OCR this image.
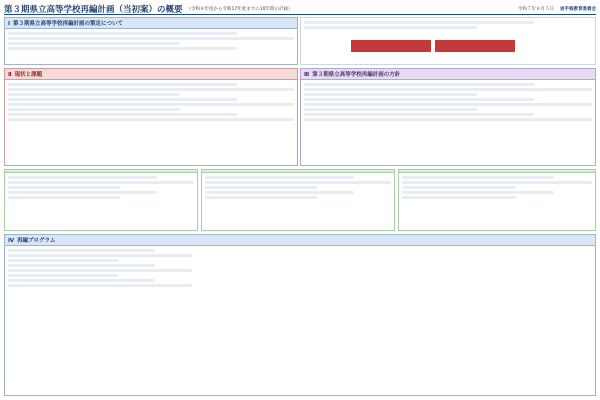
第３期県立高等学校再編計画（当初案）の概要 （令和８年度から令和17年度までの10年間の計画）	令和７年８月５日 岩手県教育委員会
Ⅰ 第３期県立高等学校再編計画の策定について
Ⅱ 現状と課題	Ⅲ 第３期県立高等学校再編計画の方針
Ⅳ 再編プログラム
